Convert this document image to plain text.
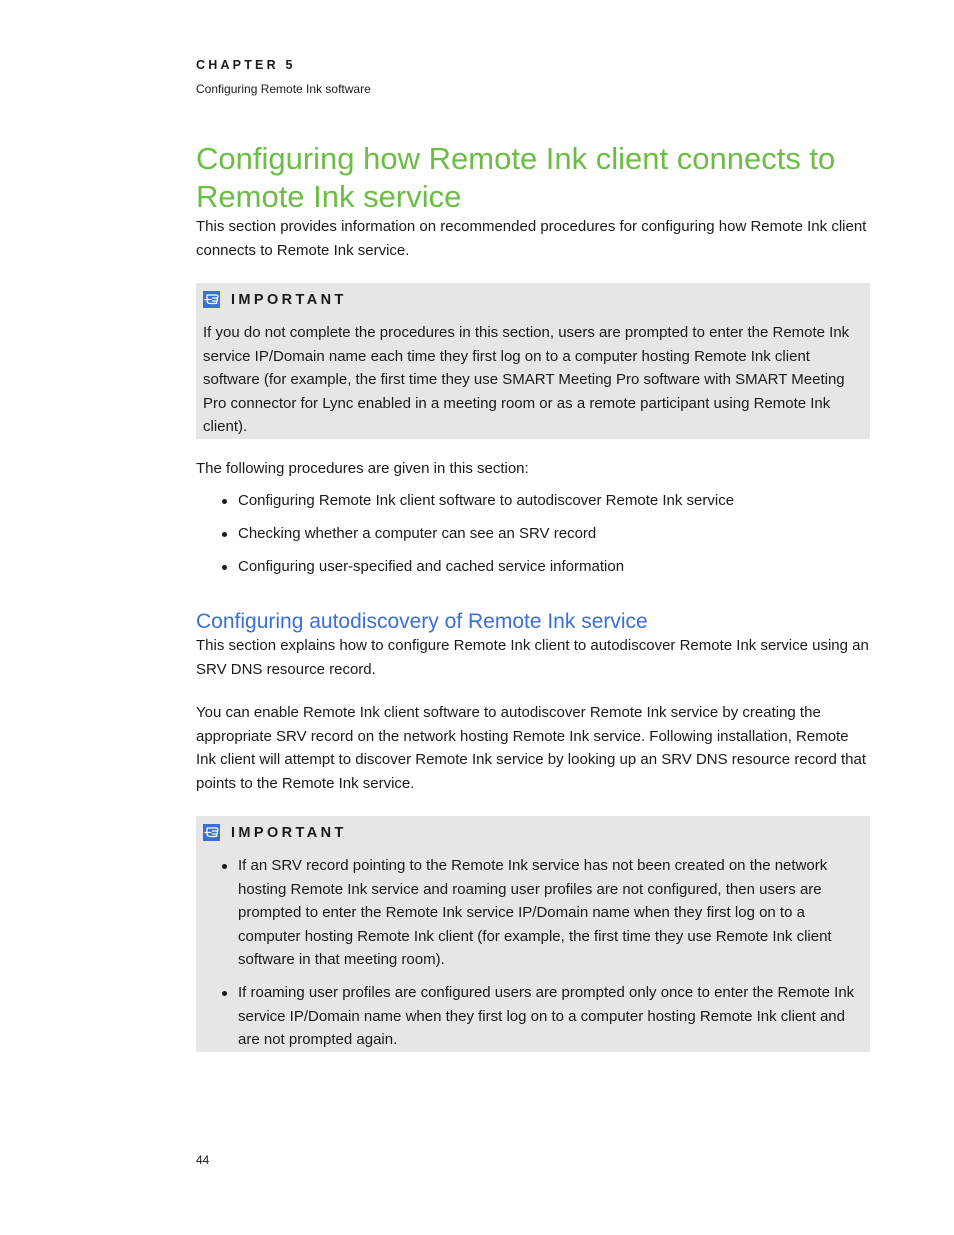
CHAPTER 5
Configuring Remote Ink software
Configuring how Remote Ink client connects to Remote Ink service

This section provides information on recommended procedures for configuring how Remote Ink client connects to Remote Ink service.

IMPORTANT

If you do not complete the procedures in this section, users are prompted to enter the Remote Ink service IP/Domain name each time they first log on to a computer hosting Remote Ink client software (for example, the first time they use SMART Meeting Pro software with SMART Meeting Pro connector for Lync enabled in a meeting room or as a remote participant using Remote Ink client).

The following procedures are given in this section:

Configuring Remote Ink client software to autodiscover Remote Ink service
Checking whether a computer can see an SRV record
Configuring user-specified and cached service information
Configuring autodiscovery of Remote Ink service

This section explains how to configure Remote Ink client to autodiscover Remote Ink service using an SRV DNS resource record.

You can enable Remote Ink client software to autodiscover Remote Ink service by creating the appropriate SRV record on the network hosting Remote Ink service. Following installation, Remote Ink client will attempt to discover Remote Ink service by looking up an SRV DNS resource record that points to the Remote Ink service.

IMPORTANT
If an SRV record pointing to the Remote Ink service has not been created on the network hosting Remote Ink service and roaming user profiles are not configured, then users are prompted to enter the Remote Ink service IP/Domain name when they first log on to a computer hosting Remote Ink client (for example, the first time they use Remote Ink client software in that meeting room).
If roaming user profiles are configured users are prompted only once to enter the Remote Ink service IP/Domain name when they first log on to a computer hosting Remote Ink client and are not prompted again.
44
